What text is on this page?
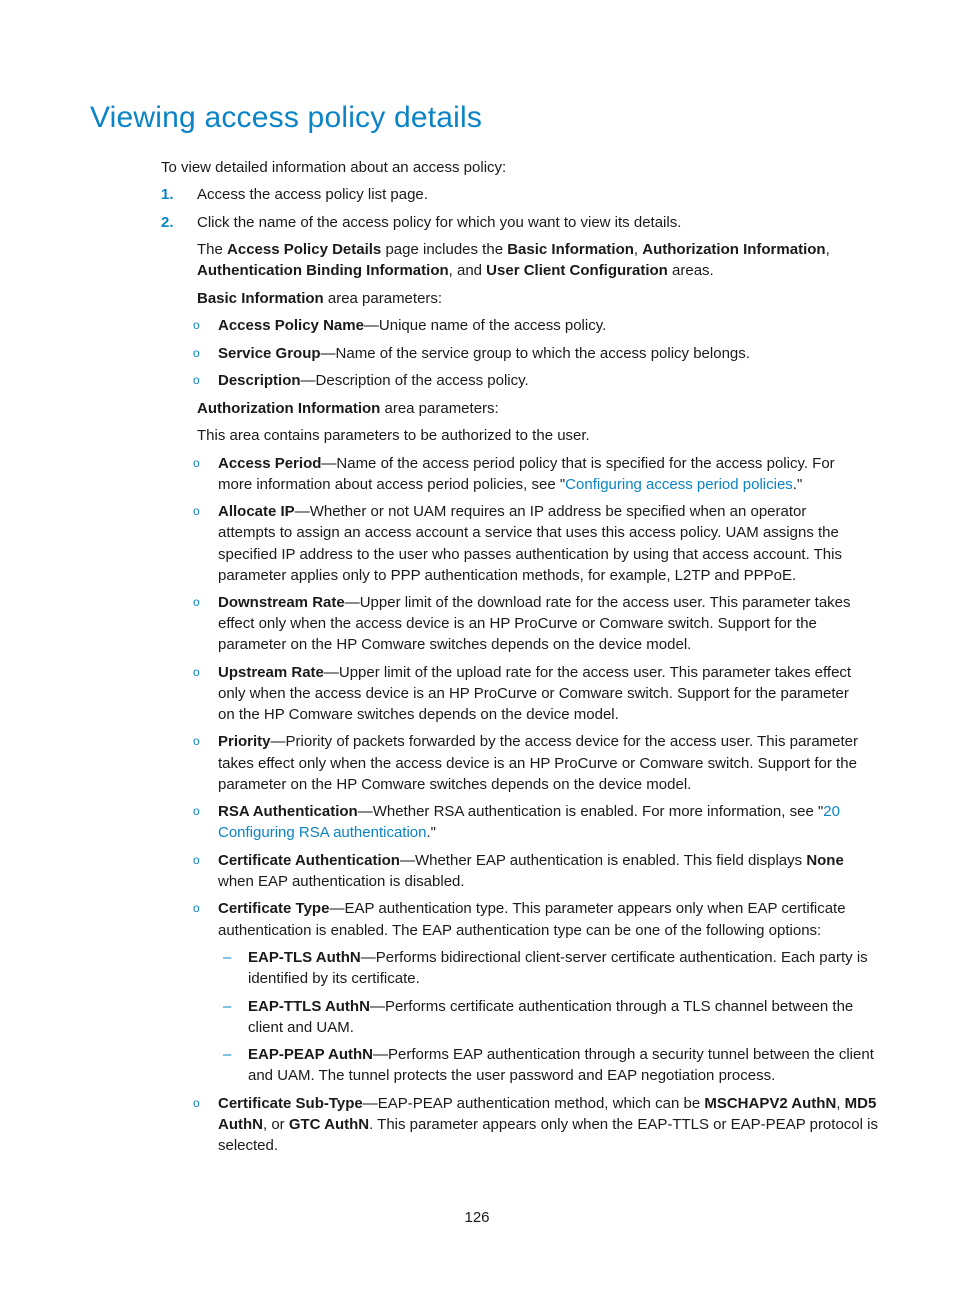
Viewing access policy details
To view detailed information about an access policy:
1. Access the access policy list page.
2. Click the name of the access policy for which you want to view its details.
The Access Policy Details page includes the Basic Information, Authorization Information,
Authentication Binding Information, and User Client Configuration areas.
Basic Information area parameters:
o Access Policy Name—Unique name of the access policy.
o Service Group—Name of the service group to which the access policy belongs.
o Description—Description of the access policy.
Authorization Information area parameters:
This area contains parameters to be authorized to the user.
o Access Period—Name of the access period policy that is specified for the access policy. For
more information about access period policies, see "Configuring access period policies."
o Allocate IP—Whether or not UAM requires an IP address be specified when an operator
attempts to assign an access account a service that uses this access policy. UAM assigns the
specified IP address to the user who passes authentication by using that access account. This
parameter applies only to PPP authentication methods, for example, L2TP and PPPoE.
o Downstream Rate—Upper limit of the download rate for the access user. This parameter takes
effect only when the access device is an HP ProCurve or Comware switch. Support for the
parameter on the HP Comware switches depends on the device model.
o Upstream Rate—Upper limit of the upload rate for the access user. This parameter takes effect
only when the access device is an HP ProCurve or Comware switch. Support for the parameter
on the HP Comware switches depends on the device model.
o Priority—Priority of packets forwarded by the access device for the access user. This parameter
takes effect only when the access device is an HP ProCurve or Comware switch. Support for the
parameter on the HP Comware switches depends on the device model.
o RSA Authentication—Whether RSA authentication is enabled. For more information, see "20
Configuring RSA authentication."
o Certificate Authentication—Whether EAP authentication is enabled. This field displays None
when EAP authentication is disabled.
o Certificate Type—EAP authentication type. This parameter appears only when EAP certificate
authentication is enabled. The EAP authentication type can be one of the following options:
– EAP-TLS AuthN—Performs bidirectional client-server certificate authentication. Each party is
identified by its certificate.
– EAP-TTLS AuthN—Performs certificate authentication through a TLS channel between the
client and UAM.
– EAP-PEAP AuthN—Performs EAP authentication through a security tunnel between the client
and UAM. The tunnel protects the user password and EAP negotiation process.
o Certificate Sub-Type—EAP-PEAP authentication method, which can be MSCHAPV2 AuthN, MD5
AuthN, or GTC AuthN. This parameter appears only when the EAP-TTLS or EAP-PEAP protocol is
selected.
126
